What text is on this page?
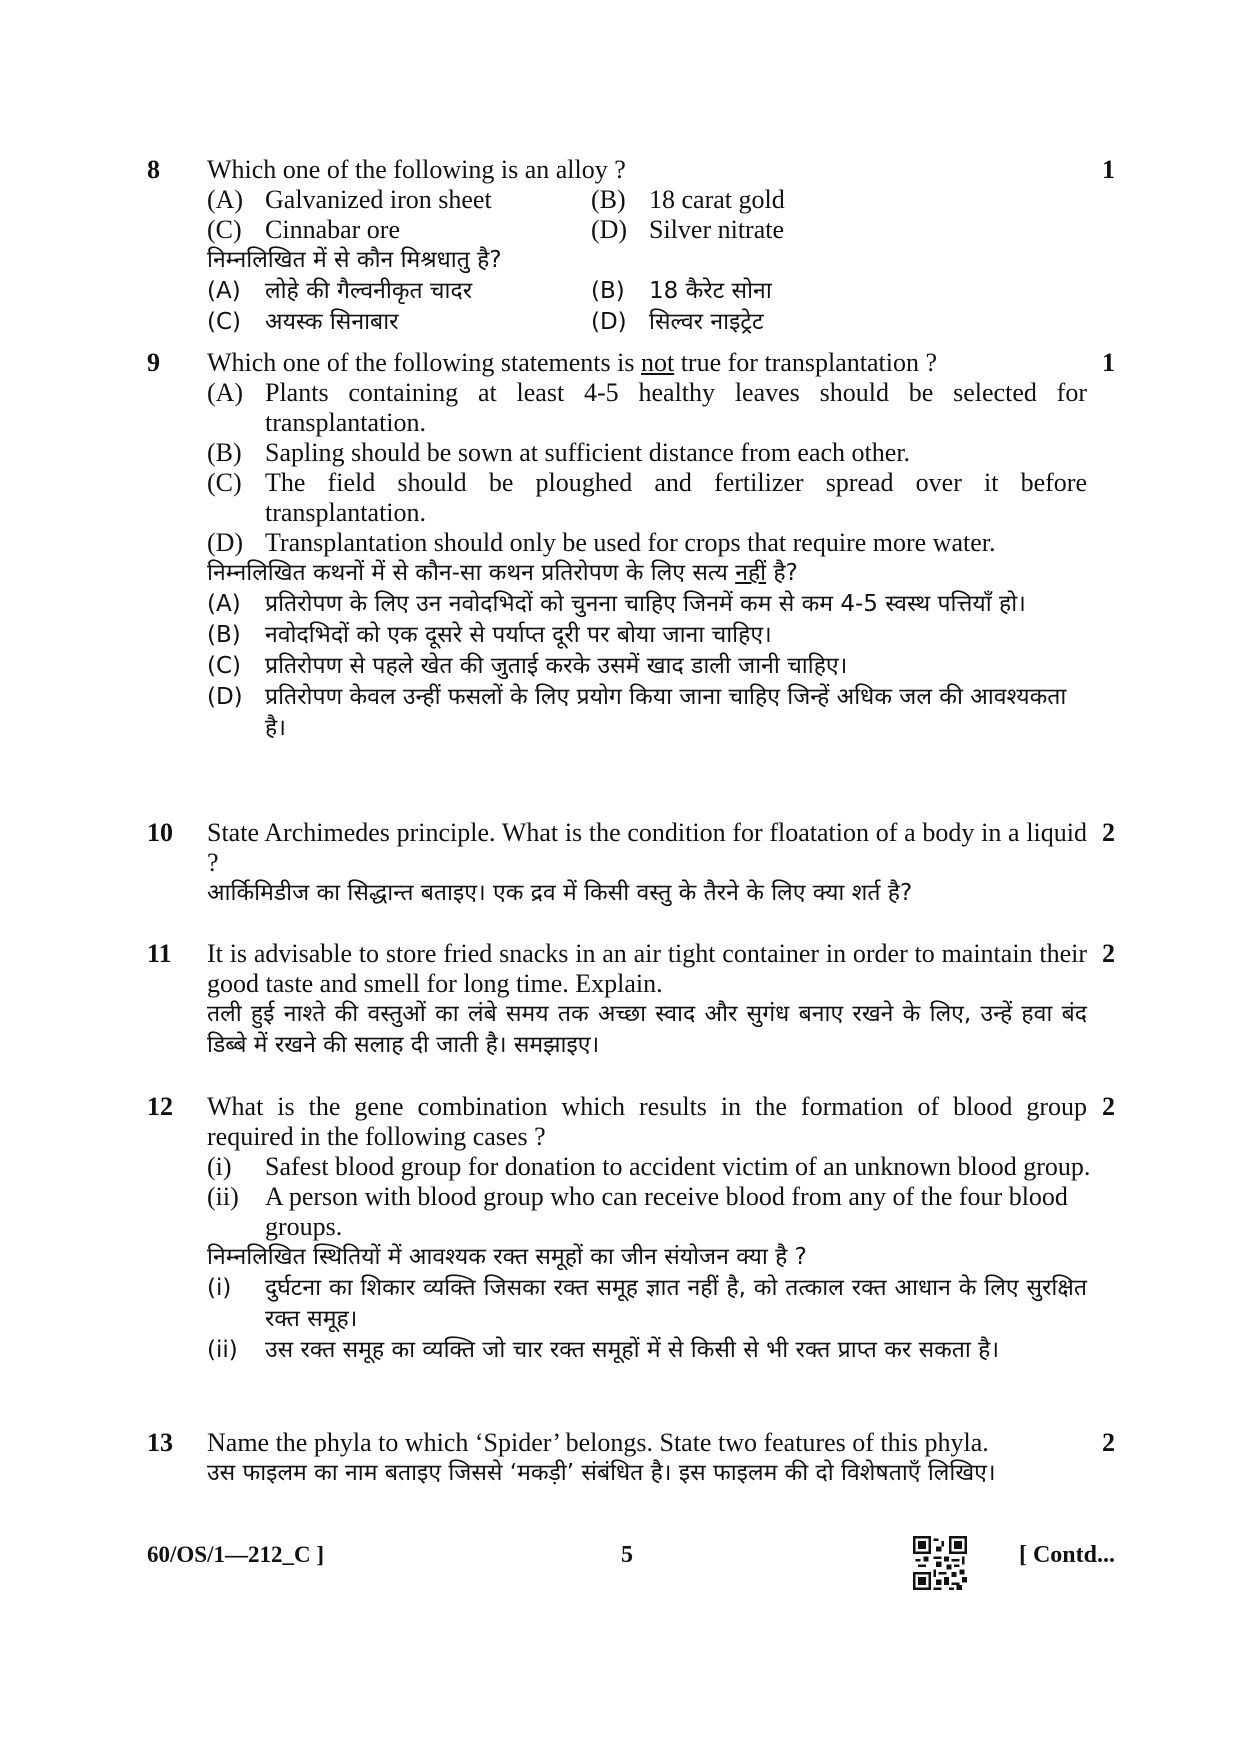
8	1
Which one of the following is an alloy ?
(A) Galvanized iron sheet	(B) 18 carat gold
(C) Cinnabar ore	(D) Silver nitrate
निम्नलिखित में से कौन मिश्रधातु है?
(A)	लोहे की गैल्वनीकृत चादर	(B)	18 कैरेट सोना
(C)	अयस्क सिनाबार	(D) सिल्वर नाइट्रेट
9	1
Which one of the following statements is not true for transplantation ?
(A) Plants containing at least 4-5 healthy leaves should be selected for transplantation.
(B) Sapling should be sown at sufficient distance from each other.
(C) The field should be ploughed and fertilizer spread over it before transplantation.
(D) Transplantation should only be used for crops that require more water.
निम्नलिखित कथनों में से कौन-सा कथन प्रतिरोपण के लिए सत्य नहीं है?
(A)	प्रतिरोपण के लिए उन नवोदभिदों को चुनना चाहिए जिनमें कम से कम 4-5 स्वस्थ पत्तियाँ हो।
(B)	नवोदभिदों को एक दूसरे से पर्याप्त दूरी पर बोया जाना चाहिए।
(C)	प्रतिरोपण से पहले खेत की जुताई करके उसमें खाद डाली जानी चाहिए।
(D) प्रतिरोपण केवल उन्हीं फसलों के लिए प्रयोग किया जाना चाहिए जिन्हें अधिक जल की आवश्यकता है।
10	2
State Archimedes principle. What is the condition for floatation of a body in a liquid ?
आर्किमिडीज का सिद्धान्त बताइए। एक द्रव में किसी वस्तु के तैरने के लिए क्या शर्त है?
11	2
It is advisable to store fried snacks in an air tight container in order to maintain their good taste and smell for long time. Explain.
तली हुई नाश्ते की वस्तुओं का लंबे समय तक अच्छा स्वाद और सुगंध बनाए रखने के लिए, उन्हें हवा बंद डिब्बे में रखने की सलाह दी जाती है। समझाइए।
12	2
What is the gene combination which results in the formation of blood group required in the following cases ?
(i)	Safest blood group for donation to accident victim of an unknown blood group.
(ii)	A person with blood group who can receive blood from any of the four blood groups.
निम्नलिखित स्थितियों में आवश्यक रक्त समूहों का जीन संयोजन क्या है ?
(i)	दुर्घटना का शिकार व्यक्ति जिसका रक्त समूह ज्ञात नहीं है, को तत्काल रक्त आधान के लिए सुरक्षित रक्त समूह।
(ii)	उस रक्त समूह का व्यक्ति जो चार रक्त समूहों में से किसी से भी रक्त प्राप्त कर सकता है।
13	2
Name the phyla to which ‘Spider’ belongs. State two features of this phyla.
उस फाइलम का नाम बताइए जिससे ‘मकड़ी’ संबंधित है। इस फाइलम की दो विशेषताएँ लिखिए।
60/OS/1—212_C ]	5	[ Contd...
